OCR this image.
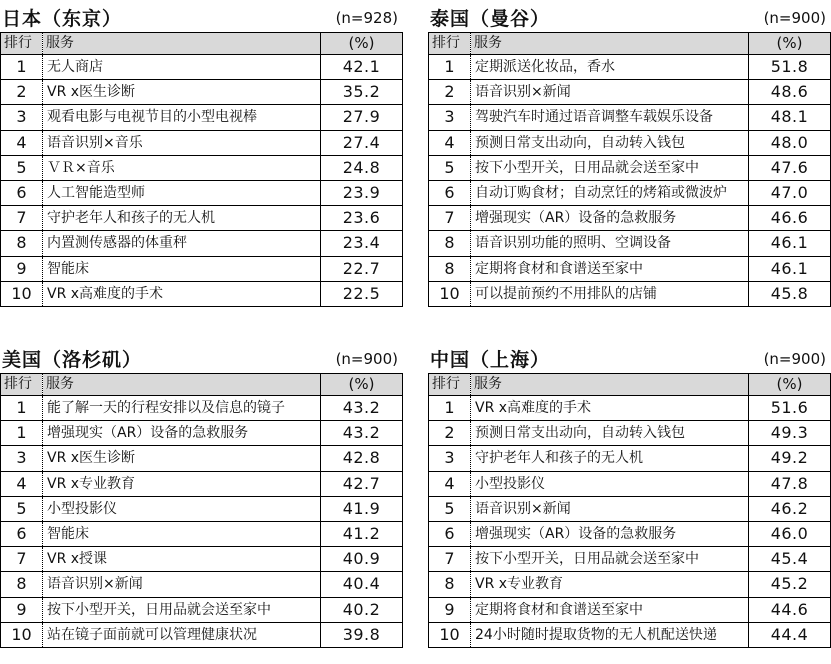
日本（东京）	(n=928)
排行	服务	(%)
1	无人商店	42.1
2	VR x医生诊断	35.2
3	观看电影与电视节目的小型电视棒	27.9
4	语音识别×音乐	27.4
5	ＶＲ×音乐	24.8
6	人工智能造型师	23.9
7	守护老年人和孩子的无人机	23.6
8	内置测传感器的体重秤	23.4
9	智能床	22.7
10	VR x高难度的手术	22.5
泰国（曼谷）	(n=900)
排行	服务	(%)
1	定期派送化妆品，香水	51.8
2	语音识别×新闻	48.6
3	驾驶汽车时通过语音调整车载娱乐设备	48.1
4	预测日常支出动向，自动转入钱包	48.0
5	按下小型开关，日用品就会送至家中	47.6
6	自动订购食材；自动烹饪的烤箱或微波炉	47.0
7	增强现实（AR）设备的急救服务	46.6
8	语音识别功能的照明、空调设备	46.1
8	定期将食材和食谱送至家中	46.1
10	可以提前预约不用排队的店铺	45.8
美国（洛杉矶）	(n=900)
排行	服务	(%)
1	能了解一天的行程安排以及信息的镜子	43.2
1	增强现实（AR）设备的急救服务	43.2
3	VR x医生诊断	42.8
4	VR x专业教育	42.7
5	小型投影仪	41.9
6	智能床	41.2
7	VR x授课	40.9
8	语音识别×新闻	40.4
9	按下小型开关，日用品就会送至家中	40.2
10	站在镜子面前就可以管理健康状况	39.8
中国（上海）	(n=900)
排行	服务	(%)
1	VR x高难度的手术	51.6
2	预测日常支出动向，自动转入钱包	49.3
3	守护老年人和孩子的无人机	49.2
4	小型投影仪	47.8
5	语音识别×新闻	46.2
6	增强现实（AR）设备的急救服务	46.0
7	按下小型开关，日用品就会送至家中	45.4
8	VR x专业教育	45.2
9	定期将食材和食谱送至家中	44.6
10	24小时随时提取货物的无人机配送快递	44.4
